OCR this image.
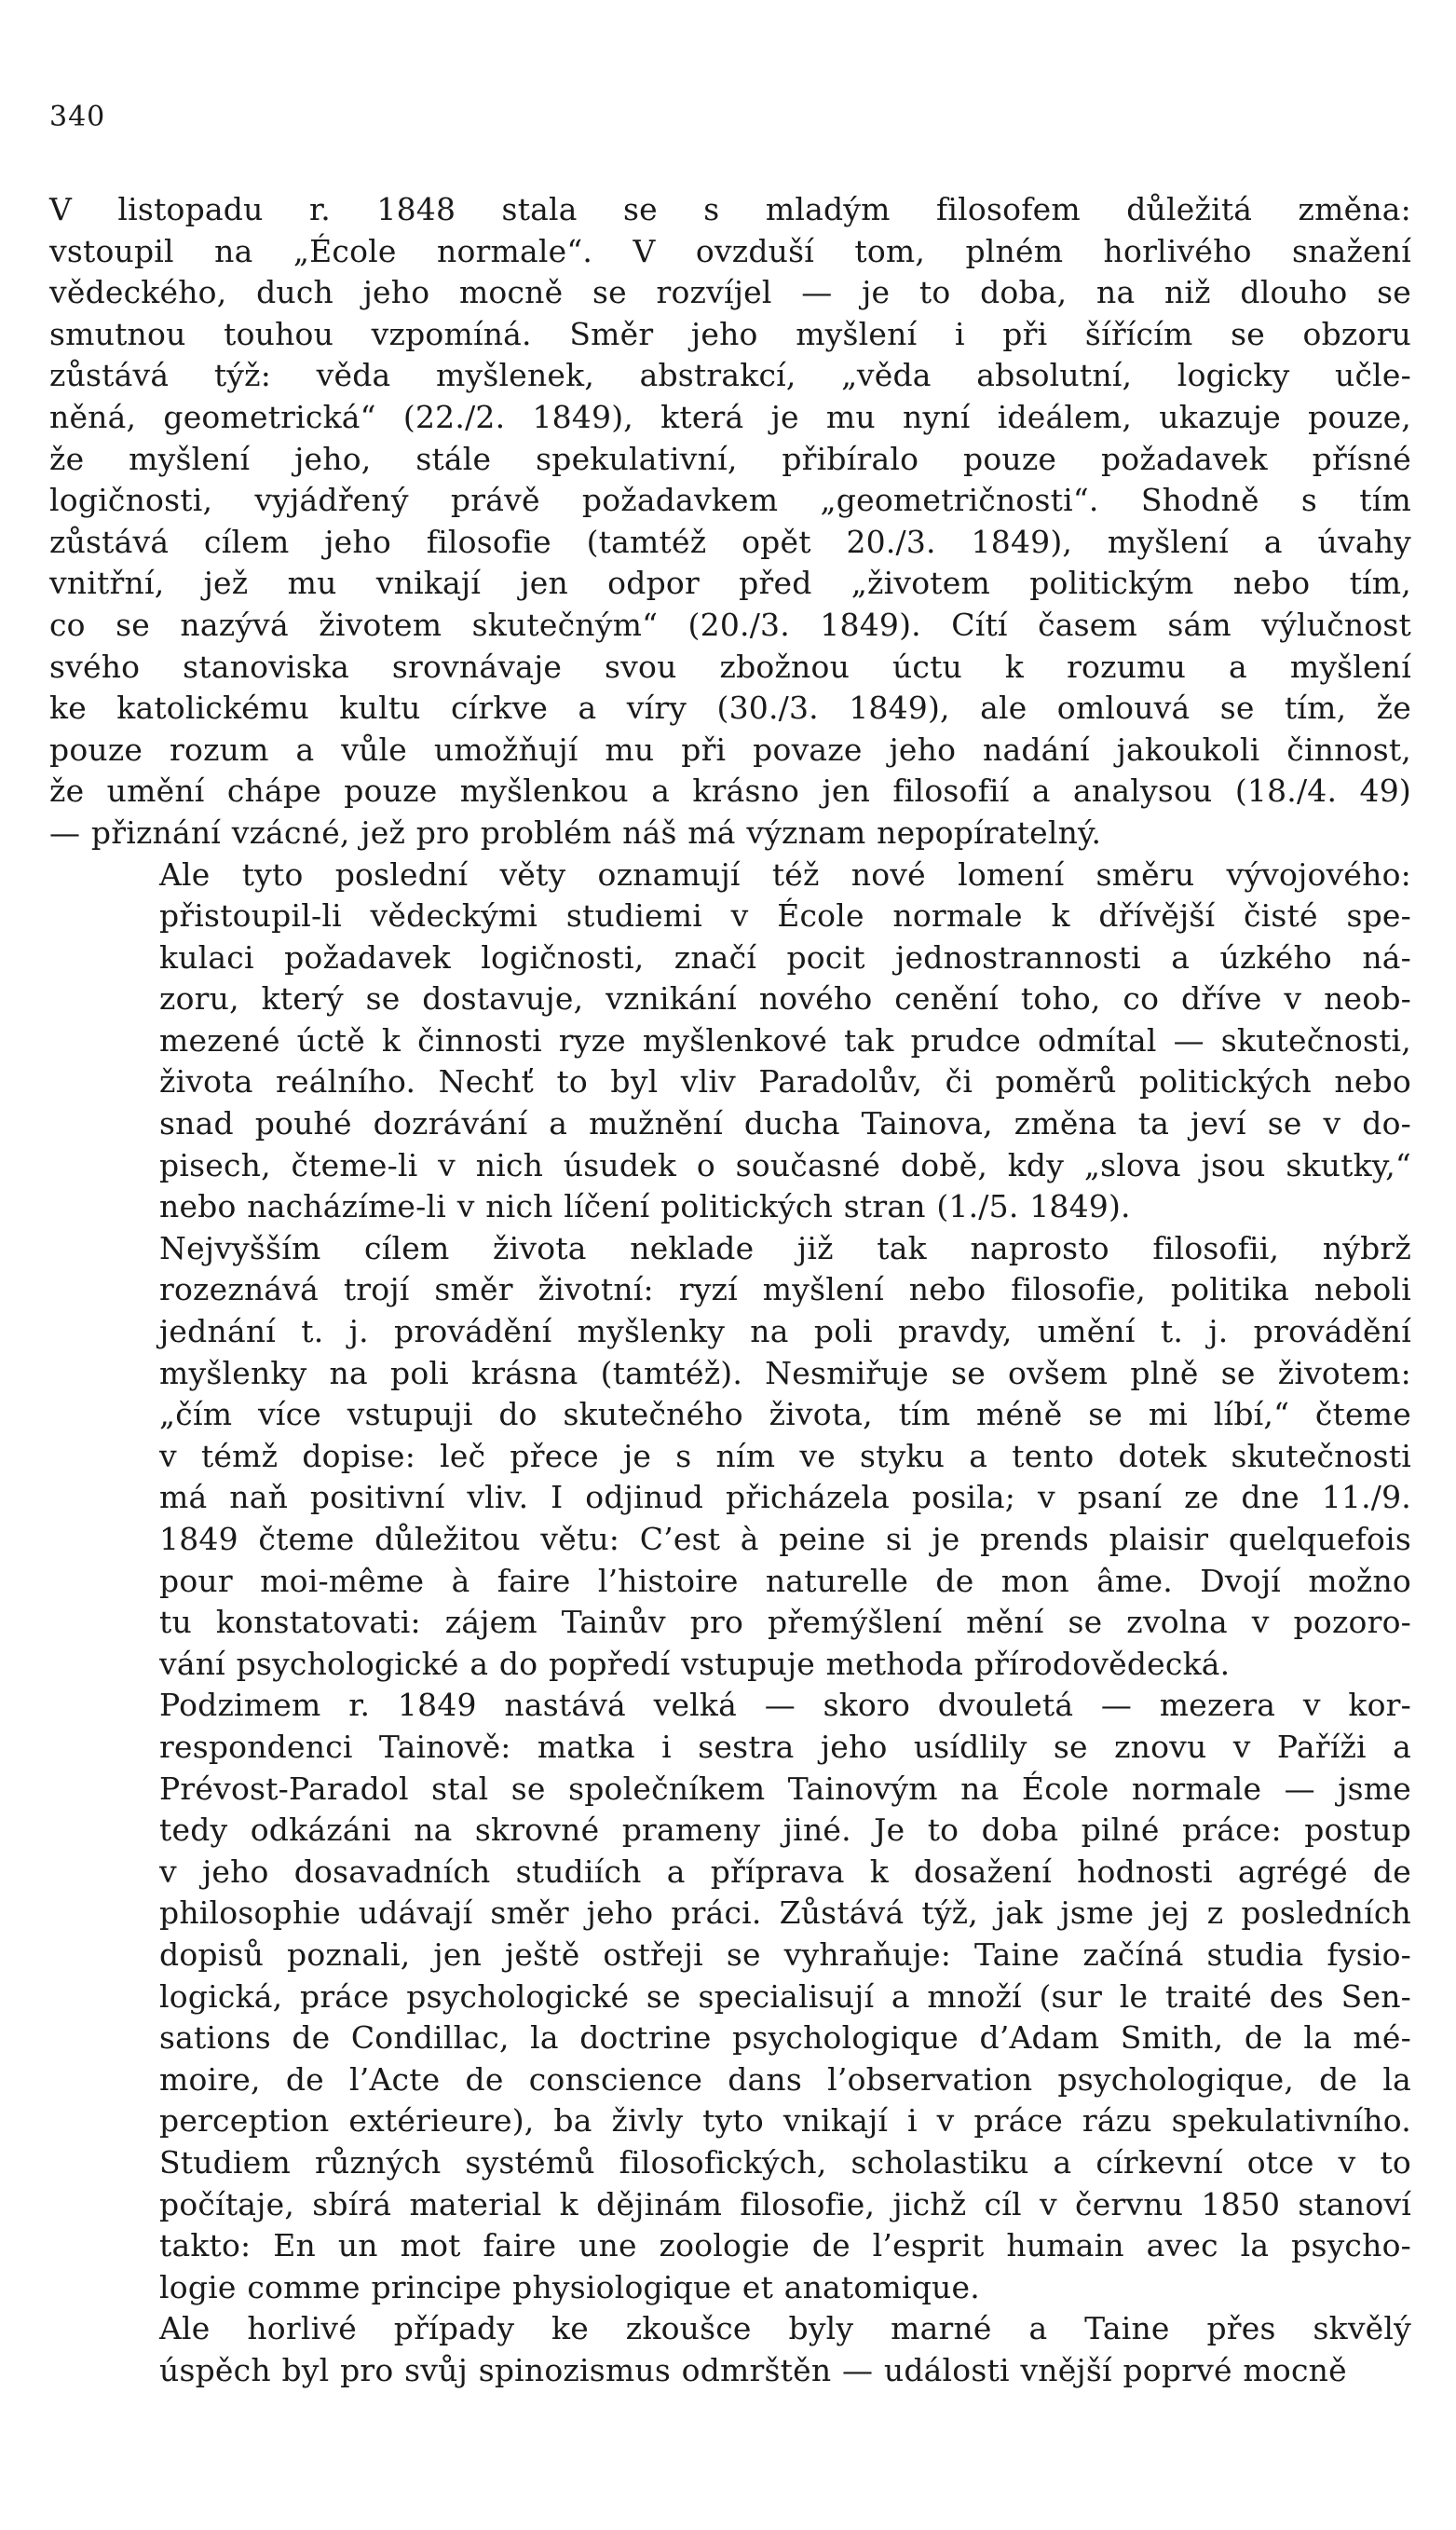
340
V listopadu r. 1848 stala se s mladým filosofem důležitá změna:
vstoupil na „École normale“. V ovzduší tom, plném horlivého snažení
vědeckého, duch jeho mocně se rozvíjel — je to doba, na niž dlouho se
smutnou touhou vzpomíná. Směr jeho myšlení i při šířícím se obzoru
zůstává týž: věda myšlenek, abstrakcí, „věda absolutní, logicky učle-
něná, geometrická“ (22./2. 1849), která je mu nyní ideálem, ukazuje pouze,
že myšlení jeho, stále spekulativní, přibíralo pouze požadavek přísné
logičnosti, vyjádřený právě požadavkem „geometričnosti“. Shodně s tím
zůstává cílem jeho filosofie (tamtéž opět 20./3. 1849), myšlení a úvahy
vnitřní, jež mu vnikají jen odpor před „životem politickým nebo tím,
co se nazývá životem skutečným“ (20./3. 1849). Cítí časem sám výlučnost
svého stanoviska srovnávaje svou zbožnou úctu k rozumu a myšlení
ke katolickému kultu církve a víry (30./3. 1849), ale omlouvá se tím, že
pouze rozum a vůle umožňují mu při povaze jeho nadání jakoukoli činnost,
že umění chápe pouze myšlenkou a krásno jen filosofií a analysou (18./4. 49)
— přiznání vzácné, jež pro problém náš má význam nepopíratelný.
Ale tyto poslední věty oznamují též nové lomení směru vývojového:
přistoupil-li vědeckými studiemi v École normale k dřívější čisté spe-
kulaci požadavek logičnosti, značí pocit jednostrannosti a úzkého ná-
zoru, který se dostavuje, vznikání nového cenění toho, co dříve v neob-
mezené úctě k činnosti ryze myšlenkové tak prudce odmítal — skutečnosti,
života reálního. Nechť to byl vliv Paradolův, či poměrů politických nebo
snad pouhé dozrávání a mužnění ducha Tainova, změna ta jeví se v do-
pisech, čteme-li v nich úsudek o současné době, kdy „slova jsou skutky,“
nebo nacházíme-li v nich líčení politických stran (1./5. 1849).
Nejvyšším cílem života neklade již tak naprosto filosofii, nýbrž
rozeznává trojí směr životní: ryzí myšlení nebo filosofie, politika neboli
jednání t. j. provádění myšlenky na poli pravdy, umění t. j. provádění
myšlenky na poli krásna (tamtéž). Nesmiřuje se ovšem plně se životem:
„čím více vstupuji do skutečného života, tím méně se mi líbí,“ čteme
v témž dopise: leč přece je s ním ve styku a tento dotek skutečnosti
má naň positivní vliv. I odjinud přicházela posila; v psaní ze dne 11./9.
1849 čteme důležitou větu: C’est à peine si je prends plaisir quelquefois
pour moi-même à faire l’histoire naturelle de mon âme. Dvojí možno
tu konstatovati: zájem Tainův pro přemýšlení mění se zvolna v pozoro-
vání psychologické a do popředí vstupuje methoda přírodovědecká.
Podzimem r. 1849 nastává velká — skoro dvouletá — mezera v kor-
respondenci Tainově: matka i sestra jeho usídlily se znovu v Paříži a
Prévost-Paradol stal se společníkem Tainovým na École normale — jsme
tedy odkázáni na skrovné prameny jiné. Je to doba pilné práce: postup
v jeho dosavadních studiích a příprava k dosažení hodnosti agrégé de
philosophie udávají směr jeho práci. Zůstává týž, jak jsme jej z posledních
dopisů poznali, jen ještě ostřeji se vyhraňuje: Taine začíná studia fysio-
logická, práce psychologické se specialisují a množí (sur le traité des Sen-
sations de Condillac, la doctrine psychologique d’Adam Smith, de la mé-
moire, de l’Acte de conscience dans l’observation psychologique, de la
perception extérieure), ba živly tyto vnikají i v práce rázu spekulativního.
Studiem různých systémů filosofických, scholastiku a církevní otce v to
počítaje, sbírá material k dějinám filosofie, jichž cíl v červnu 1850 stanoví
takto: En un mot faire une zoologie de l’esprit humain avec la psycho-
logie comme principe physiologique et anatomique.
Ale horlivé případy ke zkoušce byly marné a Taine přes skvělý
úspěch byl pro svůj spinozismus odmrštěn — události vnější poprvé mocně
